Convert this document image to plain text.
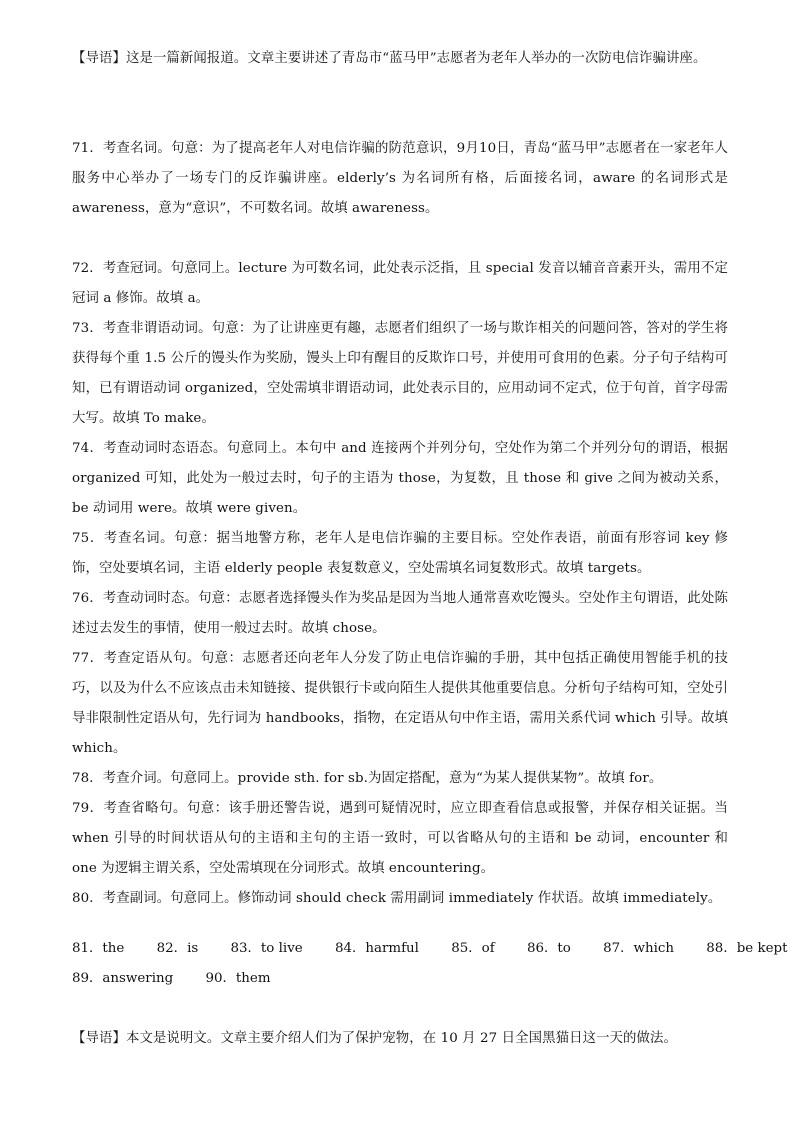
【导语】这是一篇新闻报道。文章主要讲述了青岛市“蓝马甲”志愿者为老年人举办的一次防电信诈骗讲座。

71．考查名词。句意：为了提高老年人对电信诈骗的防范意识，9月10日，青岛“蓝马甲”志愿者在一家老年人服务中心举办了一场专门的反诈骗讲座。elderly’s 为名词所有格，后面接名词，aware 的名词形式是 awareness，意为“意识”，不可数名词。故填 awareness。

72．考查冠词。句意同上。lecture 为可数名词，此处表示泛指，且 special 发音以辅音音素开头，需用不定冠词 a 修饰。故填 a。

73．考查非谓语动词。句意：为了让讲座更有趣，志愿者们组织了一场与欺诈相关的问题问答，答对的学生将获得每个重 1.5 公斤的馒头作为奖励，馒头上印有醒目的反欺诈口号，并使用可食用的色素。分子句子结构可知，已有谓语动词 organized，空处需填非谓语动词，此处表示目的，应用动词不定式，位于句首，首字母需大写。故填 To make。

74．考查动词时态语态。句意同上。本句中 and 连接两个并列分句，空处作为第二个并列分句的谓语，根据 organized 可知，此处为一般过去时，句子的主语为 those，为复数，且 those 和 give 之间为被动关系，be 动词用 were。故填 were given。

75．考查名词。句意：据当地警方称，老年人是电信诈骗的主要目标。空处作表语，前面有形容词 key 修饰，空处要填名词，主语 elderly people 表复数意义，空处需填名词复数形式。故填 targets。

76．考查动词时态。句意：志愿者选择馒头作为奖品是因为当地人通常喜欢吃馒头。空处作主句谓语，此处陈述过去发生的事情，使用一般过去时。故填 chose。

77．考查定语从句。句意：志愿者还向老年人分发了防止电信诈骗的手册，其中包括正确使用智能手机的技巧，以及为什么不应该点击未知链接、提供银行卡或向陌生人提供其他重要信息。分析句子结构可知，空处引导非限制性定语从句，先行词为 handbooks，指物，在定语从句中作主语，需用关系代词 which 引导。故填 which。

78．考查介词。句意同上。provide sth. for sb.为固定搭配，意为“为某人提供某物”。故填 for。

79．考查省略句。句意：该手册还警告说，遇到可疑情况时，应立即查看信息或报警，并保存相关证据。当 when 引导的时间状语从句的主语和主句的主语一致时，可以省略从句的主语和 be 动词，encounter 和 one 为逻辑主谓关系，空处需填现在分词形式。故填 encountering。

80．考查副词。句意同上。修饰动词 should check 需用副词 immediately 作状语。故填 immediately。

81．the 82．is 83．to live 84．harmful 85．of 86．to 87．which 88．be kept
89．answering 90．them

【导语】本文是说明文。文章主要介绍人们为了保护宠物，在 10 月 27 日全国黑猫日这一天的做法。
